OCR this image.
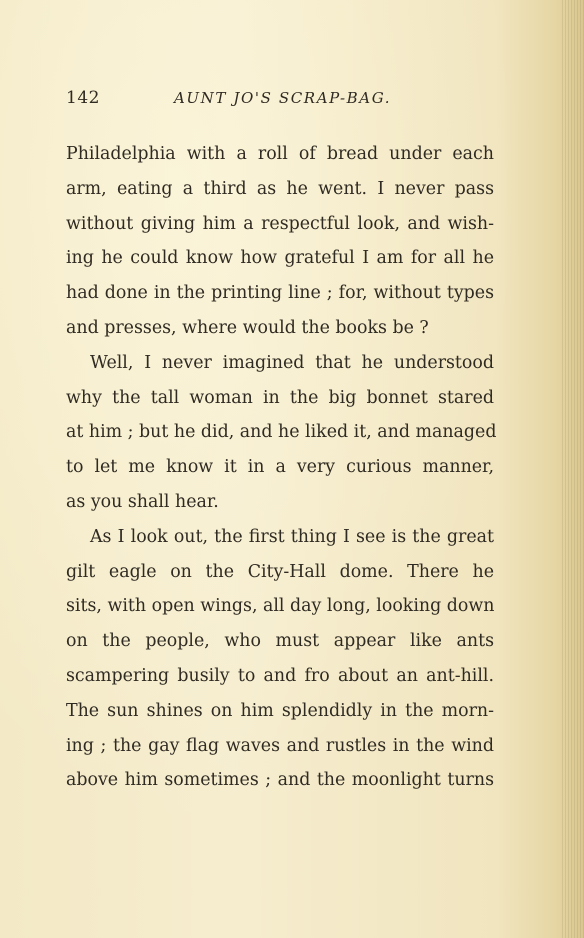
142	AUNT JO'S SCRAP-BAG.
Philadelphia with a roll of bread under each
arm, eating a third as he went. I never pass
without giving him a respectful look, and wish-
ing he could know how grateful I am for all he
had done in the printing line ; for, without types
and presses, where would the books be ?
Well, I never imagined that he understood
why the tall woman in the big bonnet stared
at him ; but he did, and he liked it, and managed
to let me know it in a very curious manner,
as you shall hear.
As I look out, the first thing I see is the great
gilt eagle on the City-Hall dome. There he
sits, with open wings, all day long, looking down
on the people, who must appear like ants
scampering busily to and fro about an ant-hill.
The sun shines on him splendidly in the morn-
ing ; the gay flag waves and rustles in the wind
above him sometimes ; and the moonlight turns
